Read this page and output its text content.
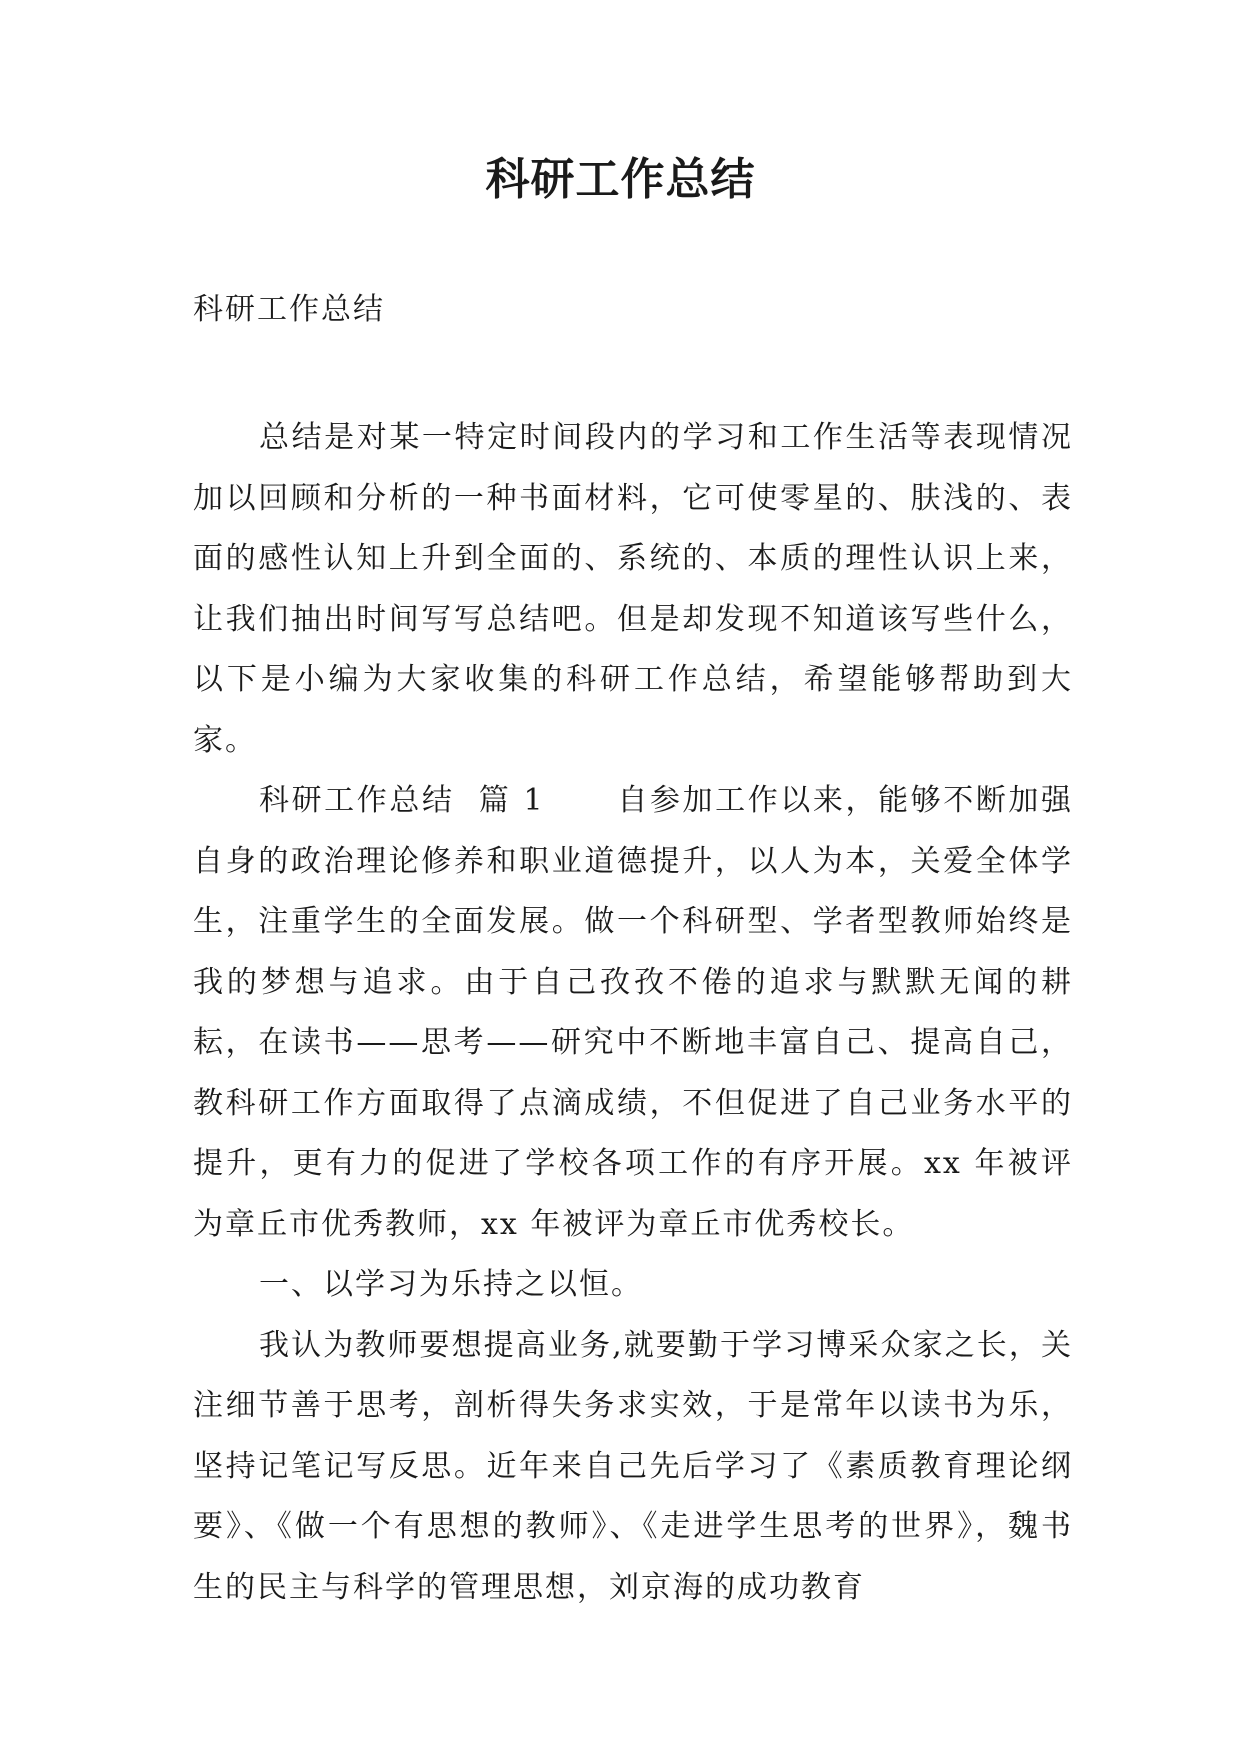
科研工作总结
科研工作总结

总结是对某一特定时间段内的学习和工作生活等表现情况加以回顾和分析的一种书面材料，它可使零星的、肤浅的、表面的感性认知上升到全面的、系统的、本质的理性认识上来，让我们抽出时间写写总结吧。但是却发现不知道该写些什么，以下是小编为大家收集的科研工作总结，希望能够帮助到大家。

科研工作总结  篇 1 自参加工作以来，能够不断加强自身的政治理论修养和职业道德提升，以人为本，关爱全体学生，注重学生的全面发展。做一个科研型、学者型教师始终是我的梦想与追求。由于自己孜孜不倦的追求与默默无闻的耕耘，在读书——思考——研究中不断地丰富自己、提高自己，教科研工作方面取得了点滴成绩，不但促进了自己业务水平的提升，更有力的促进了学校各项工作的有序开展。xx 年被评为章丘市优秀教师，xx 年被评为章丘市优秀校长。

一、以学习为乐持之以恒。

我认为教师要想提高业务,就要勤于学习博采众家之长，关注细节善于思考，剖析得失务求实效，于是常年以读书为乐，坚持记笔记写反思。近年来自己先后学习了《素质教育理论纲要》、《做一个有思想的教师》、《走进学生思考的世界》，魏书生的民主与科学的管理思想，刘京海的成功教育
